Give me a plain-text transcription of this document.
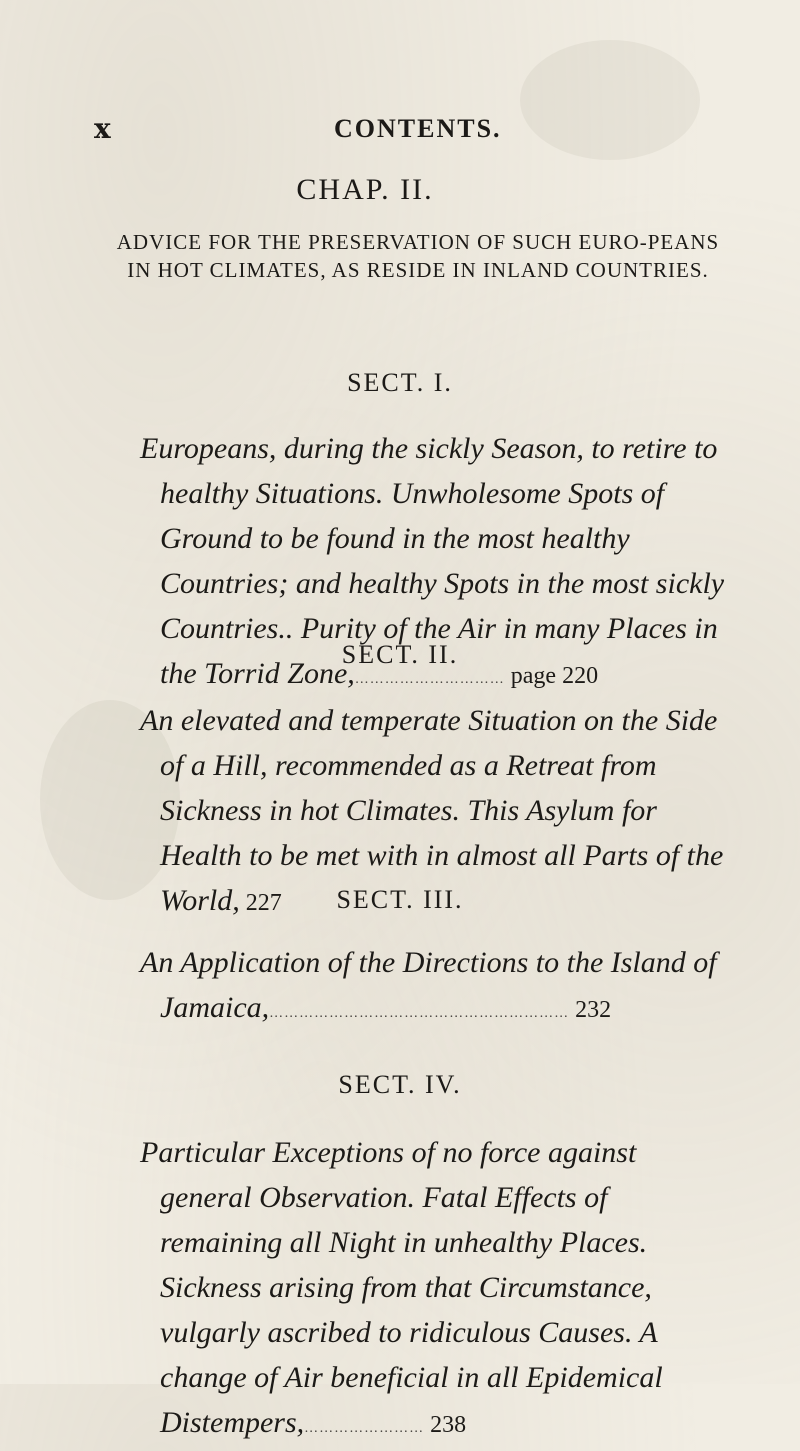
x	CONTENTS.
CHAP. II.
ADVICE FOR THE PRESERVATION OF SUCH EURO-PEANS IN HOT CLIMATES, AS RESIDE IN INLAND COUNTRIES.
SECT. I.
Europeans, during the sickly Season, to retire to healthy Situations. Unwholesome Spots of Ground to be found in the most healthy Countries; and healthy Spots in the most sickly Countries.. Purity of the Air in many Places in the Torrid Zone,………………………… page 220
SECT. II.
An elevated and temperate Situation on the Side of a Hill, recommended as a Retreat from Sickness in hot Climates. This Asylum for Health to be met with in almost all Parts of the World, 227	SECT. III.
An Application of the Directions to the Island of Jamaica,…………………………………………………… 232
SECT. IV.
Particular Exceptions of no force against general Observation. Fatal Effects of remaining all Night in unhealthy Places. Sickness arising from that Circumstance, vulgarly ascribed to ridiculous Causes. A change of Air beneficial in all Epidemical Distempers,…………………… 238
